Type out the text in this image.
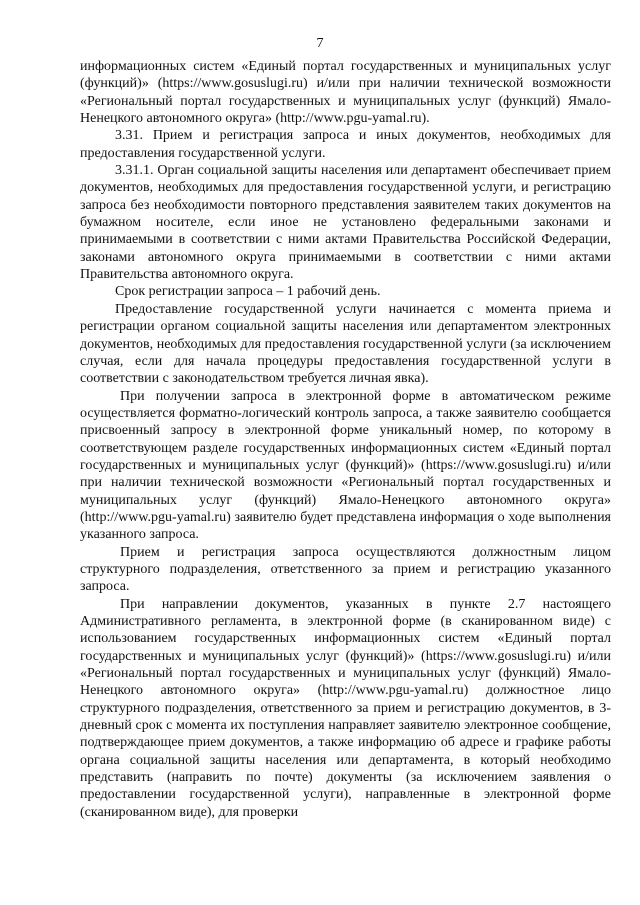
7

информационных систем «Единый портал государственных и муниципальных услуг (функций)» (https://www.gosuslugi.ru) и/или при наличии технической возможности «Региональный портал государственных и муниципальных услуг (функций) Ямало-Ненецкого автономного округа» (http://www.pgu-yamal.ru).

3.31. Прием и регистрация запроса и иных документов, необходимых для предоставления государственной услуги.

3.31.1. Орган социальной защиты населения или департамент обеспечивает прием документов, необходимых для предоставления государственной услуги, и регистрацию запроса без необходимости повторного представления заявителем таких документов на бумажном носителе, если иное не установлено федеральными законами и принимаемыми в соответствии с ними актами Правительства Российской Федерации, законами автономного округа принимаемыми в соответствии с ними актами Правительства автономного округа.

Срок регистрации запроса – 1 рабочий день.

Предоставление государственной услуги начинается с момента приема и регистрации органом социальной защиты населения или департаментом электронных документов, необходимых для предоставления государственной услуги (за исключением случая, если для начала процедуры предоставления государственной услуги в соответствии с законодательством требуется личная явка).

При получении запроса в электронной форме в автоматическом режиме осуществляется форматно-логический контроль запроса, а также заявителю сообщается присвоенный запросу в электронной форме уникальный номер, по которому в соответствующем разделе государственных информационных систем «Единый портал государственных и муниципальных услуг (функций)» (https://www.gosuslugi.ru) и/или при наличии технической возможности «Региональный портал государственных и муниципальных услуг (функций) Ямало-Ненецкого автономного округа» (http://www.pgu-yamal.ru) заявителю будет представлена информация о ходе выполнения указанного запроса.

Прием и регистрация запроса осуществляются должностным лицом структурного подразделения, ответственного за прием и регистрацию указанного запроса.

При направлении документов, указанных в пункте 2.7 настоящего Административного регламента, в электронной форме (в сканированном виде) с использованием государственных информационных систем «Единый портал государственных и муниципальных услуг (функций)» (https://www.gosuslugi.ru) и/или «Региональный портал государственных и муниципальных услуг (функций) Ямало-Ненецкого автономного округа» (http://www.pgu-yamal.ru) должностное лицо структурного подразделения, ответственного за прием и регистрацию документов, в 3-дневный срок с момента их поступления направляет заявителю электронное сообщение, подтверждающее прием документов, а также информацию об адресе и графике работы органа социальной защиты населения или департамента, в который необходимо представить (направить по почте) документы (за исключением заявления о предоставлении государственной услуги), направленные в электронной форме (сканированном виде), для проверки
